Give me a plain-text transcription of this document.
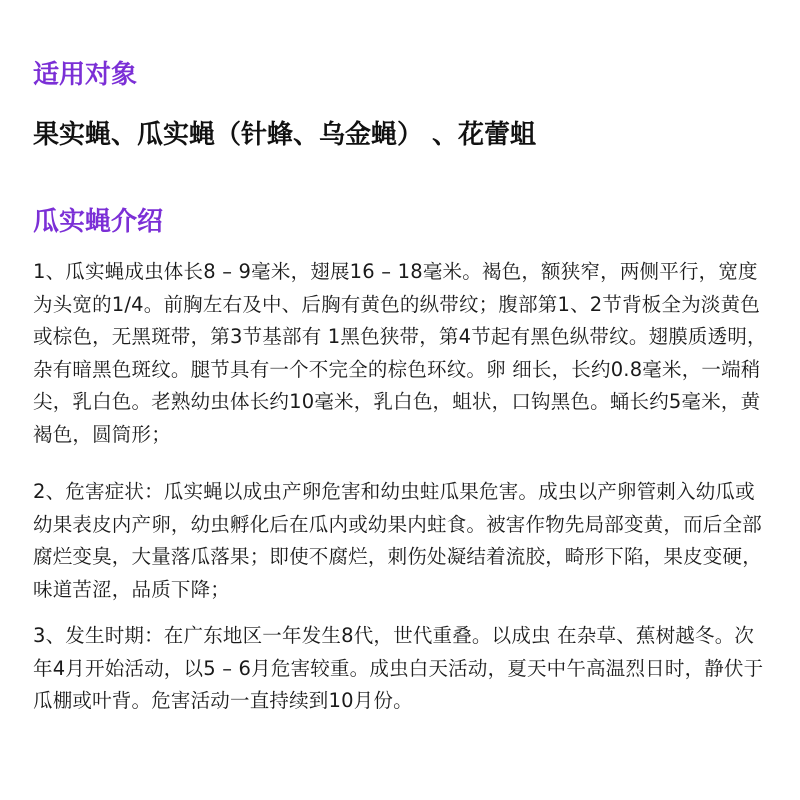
适用对象

果实蝇、瓜实蝇（针蜂、乌金蝇） 、花蕾蛆

瓜实蝇介绍

1、瓜实蝇成虫体长8 – 9毫米，翅展16 – 18毫米。褐色，额狭窄，两侧平行，宽度为头宽的1/4。前胸左右及中、后胸有黄色的纵带纹；腹部第1、2节背板全为淡黄色或棕色，无黑斑带，第3节基部有 1黑色狭带，第4节起有黑色纵带纹。翅膜质透明，杂有暗黑色斑纹。腿节具有一个不完全的棕色环纹。卵 细长，长约0.8毫米，一端稍尖，乳白色。老熟幼虫体长约10毫米，乳白色，蛆状，口钩黑色。蛹长约5毫米，黄褐色，圆筒形；

2、危害症状：瓜实蝇以成虫产卵危害和幼虫蛀瓜果危害。成虫以产卵管刺入幼瓜或幼果表皮内产卵，幼虫孵化后在瓜内或幼果内蛀食。被害作物先局部变黄，而后全部腐烂变臭，大量落瓜落果；即使不腐烂，刺伤处凝结着流胶，畸形下陷，果皮变硬，味道苦涩，品质下降；

3、发生时期：在广东地区一年发生8代，世代重叠。以成虫 在杂草、蕉树越冬。次年4月开始活动，以5 – 6月危害较重。成虫白天活动，夏天中午高温烈日时，静伏于瓜棚或叶背。危害活动一直持续到10月份。
